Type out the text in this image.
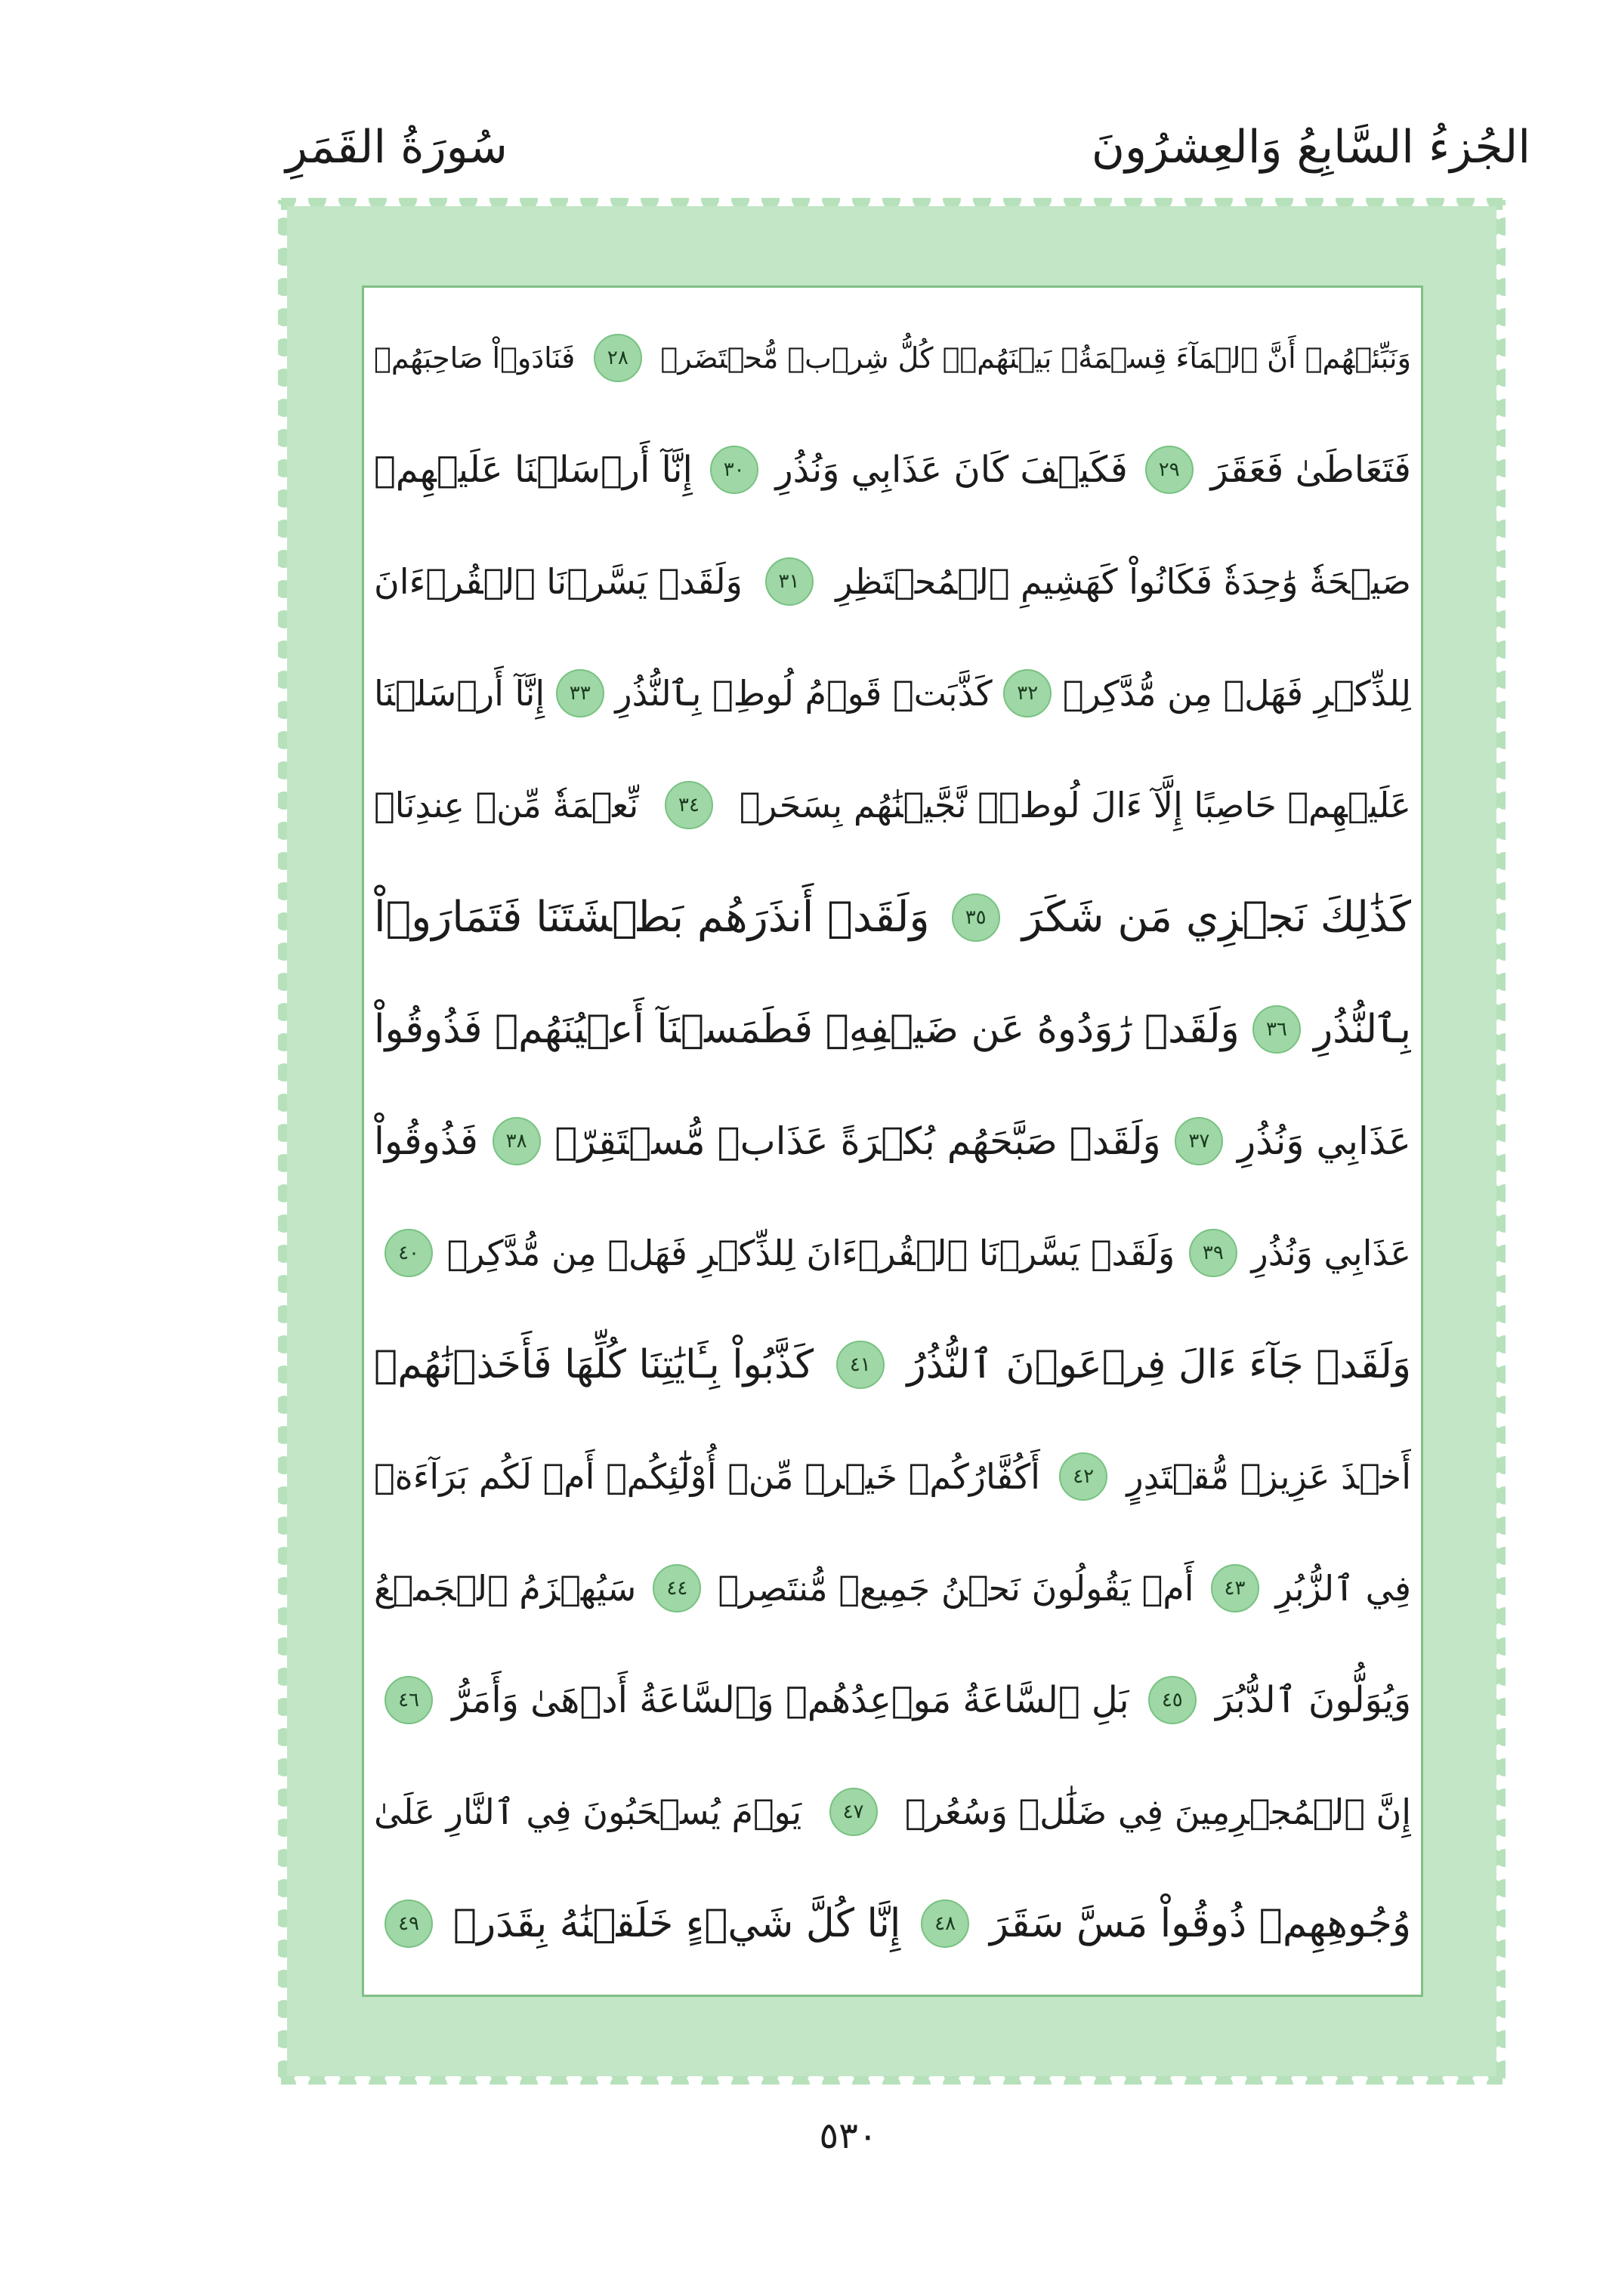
الجُزءُ السَّابِعُ وَالعِشرُونَ
سُورَةُ القَمَرِ
وَنَبِّئۡهُمۡ أَنَّ ٱلۡمَآءَ قِسۡمَةُۢ بَيۡنَهُمۡۖ كُلُّ شِرۡبٖ مُّحۡتَضَرٞ
٢٨
فَنَادَوۡاْ صَاحِبَهُمۡ
فَتَعَاطَىٰ فَعَقَرَ
٢٩
فَكَيۡفَ كَانَ عَذَابِي وَنُذُرِ
٣٠
إِنَّآ أَرۡسَلۡنَا عَلَيۡهِمۡ
صَيۡحَةٗ وَٰحِدَةٗ فَكَانُواْ كَهَشِيمِ ٱلۡمُحۡتَظِرِ
٣١
وَلَقَدۡ يَسَّرۡنَا ٱلۡقُرۡءَانَ
لِلذِّكۡرِ فَهَلۡ مِن مُّدَّكِرٖ
٣٢
كَذَّبَتۡ قَوۡمُ لُوطِۭ بِٱلنُّذُرِ
٣٣
إِنَّآ أَرۡسَلۡنَا
عَلَيۡهِمۡ حَاصِبًا إِلَّآ ءَالَ لُوطٖۖ نَّجَّيۡنَٰهُم بِسَحَرٖ
٣٤
نِّعۡمَةٗ مِّنۡ عِندِنَاۚ
كَذَٰلِكَ نَجۡزِي مَن شَكَرَ
٣٥
وَلَقَدۡ أَنذَرَهُم بَطۡشَتَنَا فَتَمَارَوۡاْ
بِٱلنُّذُرِ
٣٦
وَلَقَدۡ رَٰوَدُوهُ عَن ضَيۡفِهِۦ فَطَمَسۡنَآ أَعۡيُنَهُمۡ فَذُوقُواْ
عَذَابِي وَنُذُرِ
٣٧
وَلَقَدۡ صَبَّحَهُم بُكۡرَةً عَذَابٞ مُّسۡتَقِرّٞ
٣٨
فَذُوقُواْ
عَذَابِي وَنُذُرِ
٣٩
وَلَقَدۡ يَسَّرۡنَا ٱلۡقُرۡءَانَ لِلذِّكۡرِ فَهَلۡ مِن مُّدَّكِرٖ
٤٠
وَلَقَدۡ جَآءَ ءَالَ فِرۡعَوۡنَ ٱلنُّذُرُ
٤١
كَذَّبُواْ بِـَٔايَٰتِنَا كُلِّهَا فَأَخَذۡنَٰهُمۡ
أَخۡذَ عَزِيزٖ مُّقۡتَدِرٍ
٤٢
أَكُفَّارُكُمۡ خَيۡرٞ مِّنۡ أُوْلَٰٓئِكُمۡ أَمۡ لَكُم بَرَآءَةٞ
فِي ٱلزُّبُرِ
٤٣
أَمۡ يَقُولُونَ نَحۡنُ جَمِيعٞ مُّنتَصِرٞ
٤٤
سَيُهۡزَمُ ٱلۡجَمۡعُ
وَيُوَلُّونَ ٱلدُّبُرَ
٤٥
بَلِ ٱلسَّاعَةُ مَوۡعِدُهُمۡ وَٱلسَّاعَةُ أَدۡهَىٰ وَأَمَرُّ
٤٦
إِنَّ ٱلۡمُجۡرِمِينَ فِي ضَلَٰلٖ وَسُعُرٖ
٤٧
يَوۡمَ يُسۡحَبُونَ فِي ٱلنَّارِ عَلَىٰ
وُجُوهِهِمۡ ذُوقُواْ مَسَّ سَقَرَ
٤٨
إِنَّا كُلَّ شَيۡءٍ خَلَقۡنَٰهُ بِقَدَرٖ
٤٩
٥٣٠
